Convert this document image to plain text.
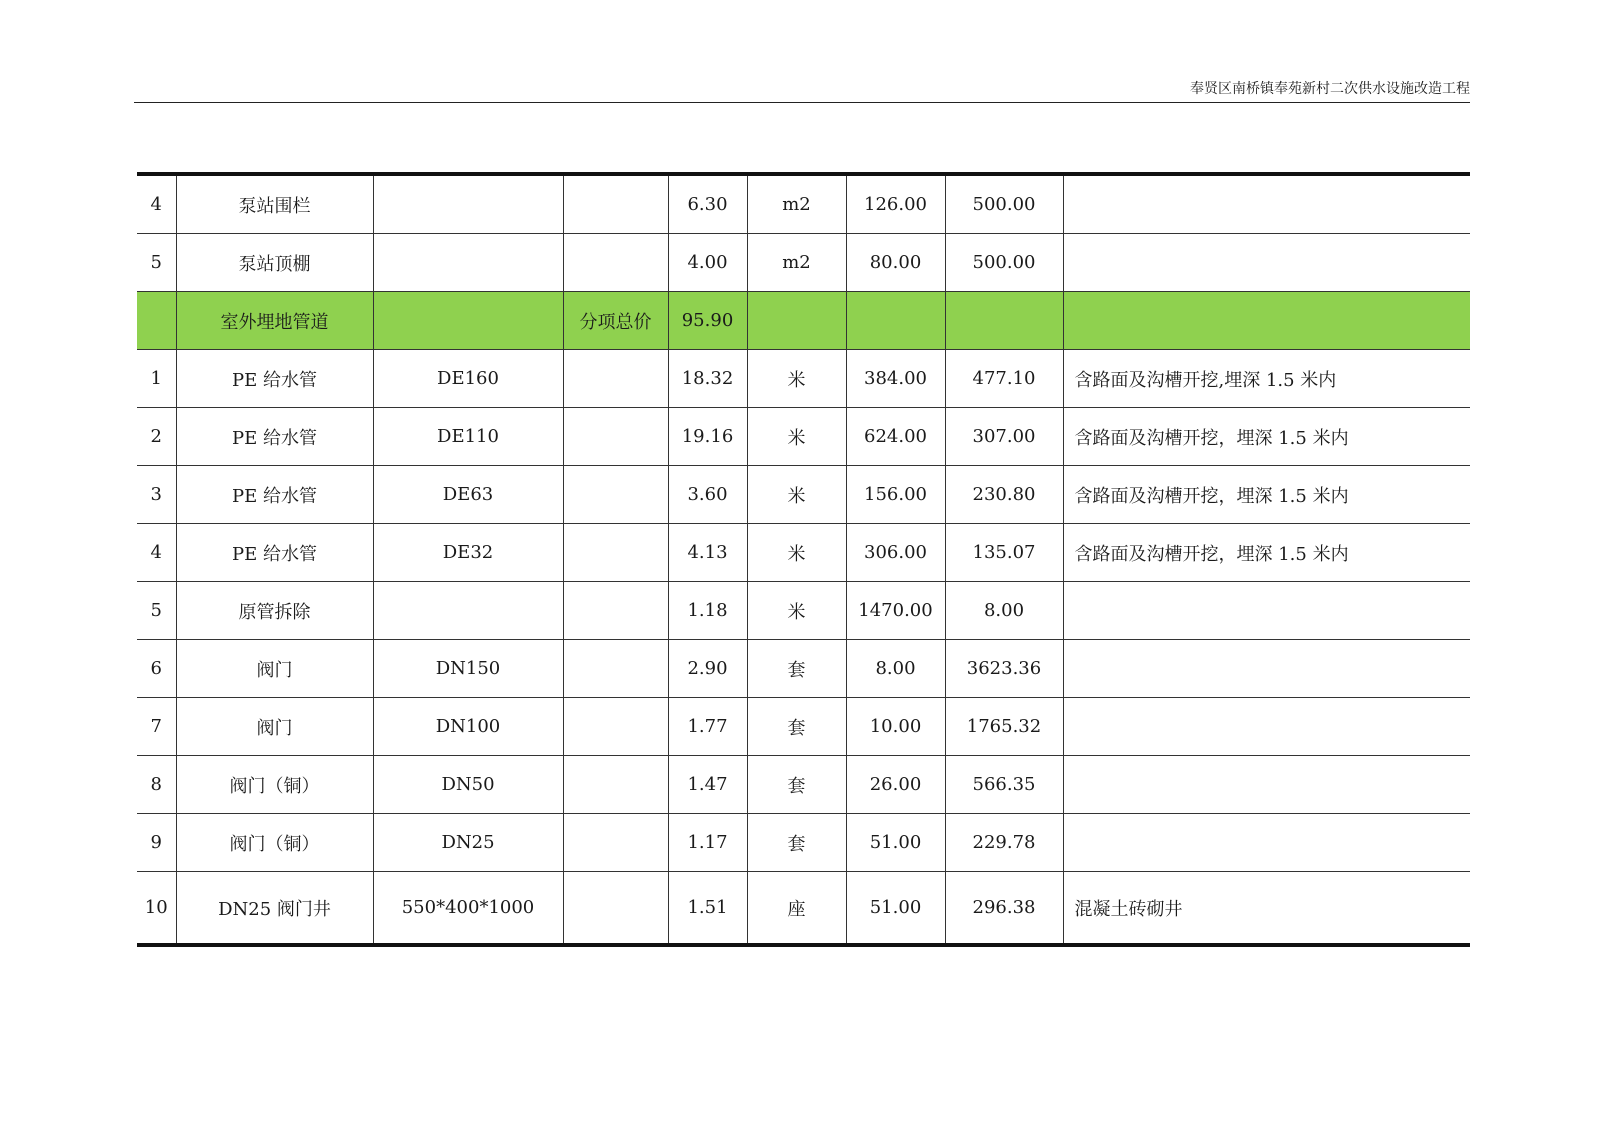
奉贤区南桥镇奉苑新村二次供水设施改造工程
4	泵站围栏			6.30	m2	126.00	500.00	
5	泵站顶棚			4.00	m2	80.00	500.00	
	室外埋地管道		分项总价	95.90				
1	PE 给水管	DE160		18.32	米	384.00	477.10	含路面及沟槽开挖,埋深 1.5 米内
2	PE 给水管	DE110		19.16	米	624.00	307.00	含路面及沟槽开挖，埋深 1.5 米内
3	PE 给水管	DE63		3.60	米	156.00	230.80	含路面及沟槽开挖，埋深 1.5 米内
4	PE 给水管	DE32		4.13	米	306.00	135.07	含路面及沟槽开挖，埋深 1.5 米内
5	原管拆除			1.18	米	1470.00	8.00	
6	阀门	DN150		2.90	套	8.00	3623.36	
7	阀门	DN100		1.77	套	10.00	1765.32	
8	阀门（铜）	DN50		1.47	套	26.00	566.35	
9	阀门（铜）	DN25		1.17	套	51.00	229.78	
10	DN25 阀门井	550*400*1000		1.51	座	51.00	296.38	混凝土砖砌井
